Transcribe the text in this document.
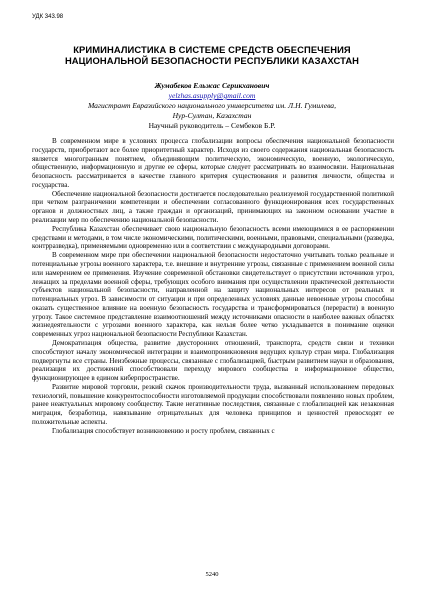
УДК 343.98
КРИМИНАЛИСТИКА В СИСТЕМЕ СРЕДСТВ ОБЕСПЕЧЕНИЯ
НАЦИОНАЛЬНОЙ БЕЗОПАСНОСТИ РЕСПУБЛИКИ КАЗАХСТАН
Жумабеков Ельжас Серикханович
yelzhas.asupply@gmail.com
Магистрант Евразийского национального университета им. Л.Н. Гумилева,
Нур-Султан, Казахстан
Научный руководитель – Сембеков Б.Р.

В современном мире в условиях процесса глобализации вопросы обеспечения национальной безопасности государств, приобретают все более приоритетный характер. Исходя из своего содержания национальная безопасность является многогранным понятием, объединяющим политическую, экономическую, военную, экологическую, общественную, информационную и другие ее сферы, которые следует рассматривать во взаимосвязи. Национальная безопасность рассматривается в качестве главного критерия существования и развития личности, общества и государства.

Обеспечение национальной безопасности достигается последовательно реализуемой государственной политикой при четком разграничении компетенции и обеспечении согласованного функционирования всех государственных органов и должностных лиц, а также граждан и организаций, принимающих на законном основании участие в реализации мер по обеспечению национальной безопасности.

Республика Казахстан обеспечивает свою национальную безопасность всеми имеющимися в ее распоряжении средствами и методами, в том числе экономическими, политическими, военными, правовыми, специальными (разведка, контрразведка), применяемыми одновременно или в соответствии с международными договорами.

В современном мире при обеспечении национальной безопасности недостаточно учитывать только реальные и потенциальные угрозы военного характера, т.е. внешние и внутренние угрозы, связанные с применением военной силы или намерением ее применения. Изучение современной обстановки свидетельствует о присутствии источников угроз, лежащих за пределами военной сферы, требующих особого внимания при осуществлении практической деятельности субъектов национальной безопасности, направленной на защиту национальных интересов от реальных и потенциальных угроз. В зависимости от ситуации и при определенных условиях данные невоенные угрозы способны оказать существенное влияние на военную безопасность государства и трансформироваться (перерасти) в военную угрозу. Такое системное представление взаимоотношений между источниками опасности в наиболее важных областях жизнедеятельности с угрозами военного характера, как нельзя более четко укладывается в понимание оценки современных угроз национальной безопасности Республики Казахстан.

Демократизация общества, развитие двусторонних отношений, транспорта, средств связи и техники способствуют началу экономической интеграции и взаимопроникновения ведущих культур стран мира. Глобализация подвергнуты все страны. Неизбежные процессы, связанные с глобализацией, быстрым развитием науки и образования, реализация их достижений способствовали переходу мирового сообщества в информационное общество, функционирующее в едином киберпространстве.

Развитие мировой торговли, резкий скачок производительности труда, вызванный использованием передовых технологий, повышение конкурентоспособности изготовляемой продукции способствовали появлению новых проблем, ранее неактуальных мировому сообществу. Такие негативные последствия, связанные с глобализацией как незаконная миграция, безработица, навязывание отрицательных для человека принципов и ценностей превосходят ее положительные аспекты.

Глобализация способствует возникновению и росту проблем, связанных с

5240
